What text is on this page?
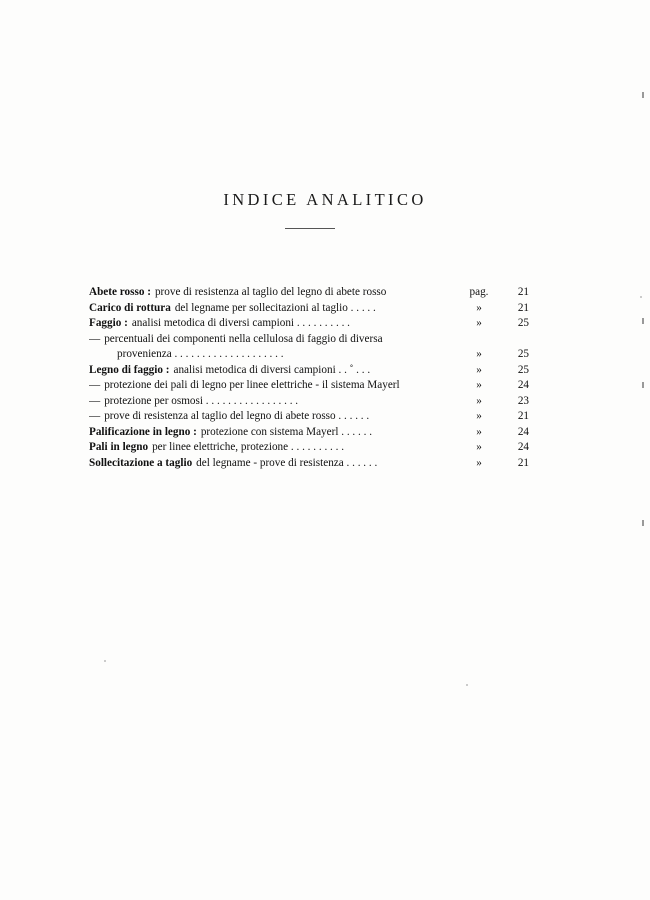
INDICE ANALITICO
Abete rosso : prove di resistenza al taglio del legno di abete rosso	pag.	21
Carico di rottura del legname per sollecitazioni al taglio . . . . .	»	21
Faggio : analisi metodica di diversi campioni . . . . . . . . . .	»	25
— percentuali dei componenti nella cellulosa di faggio di diversa
provenienza . . . . . . . . . . . . . . . . . . . .	»	25
Legno di faggio : analisi metodica di diversi campioni . . ˚ . . .	»	25
— protezione dei pali di legno per linee elettriche - il sistema Mayerl	»	24
— protezione per osmosi . . . . . . . . . . . . . . . . .	»	23
— prove di resistenza al taglio del legno di abete rosso . . . . . .	»	21
Palificazione in legno : protezione con sistema Mayerl . . . . . .	»	24
Pali in legno per linee elettriche, protezione . . . . . . . . . .	»	24
Sollecitazione a taglio del legname - prove di resistenza . . . . . .	»	21
